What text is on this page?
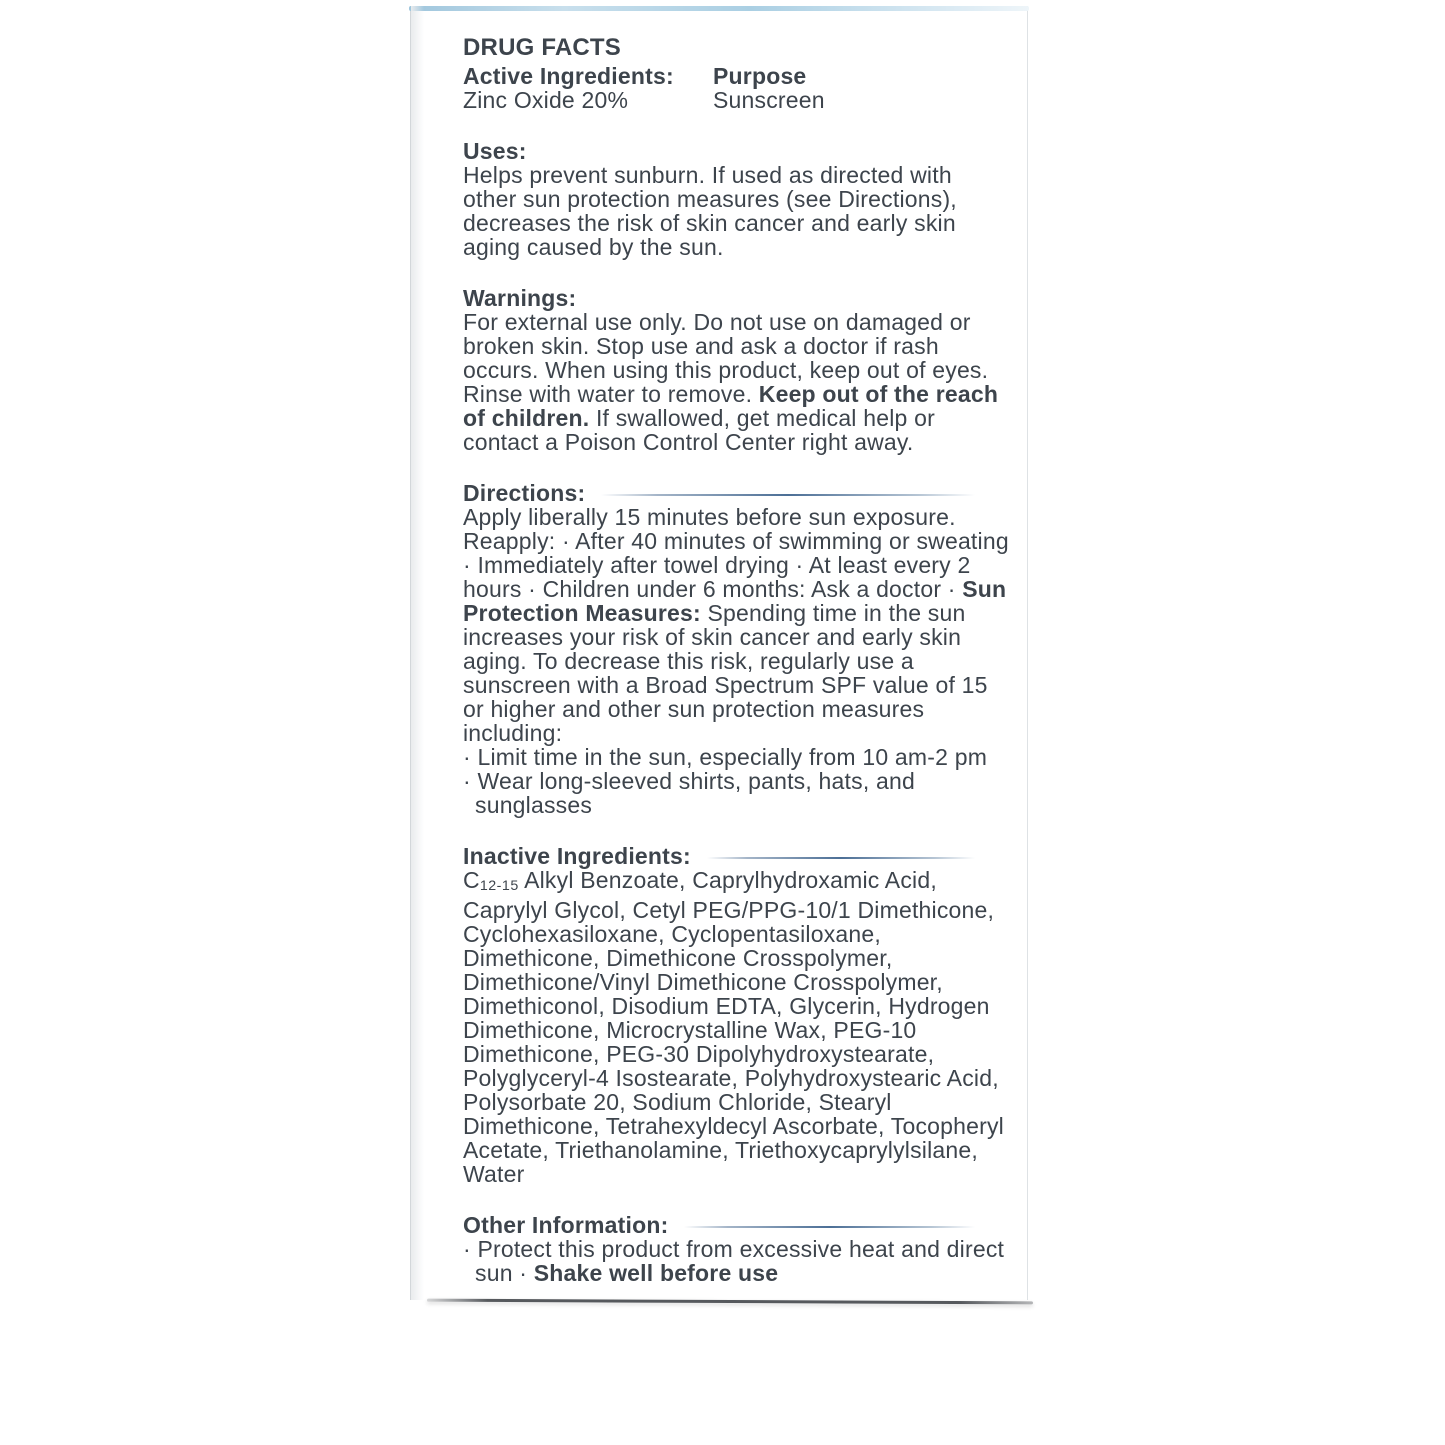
DRUG FACTS
Active Ingredients:
Zinc Oxide 20%
Purpose
Sunscreen
Uses:

Helps prevent sunburn. If used as directed with other sun protection measures (see Directions), decreases the risk of skin cancer and early skin aging caused by the sun.

Warnings:

For external use only. Do not use on damaged or broken skin. Stop use and ask a doctor if rash occurs. When using this product, keep out of eyes. Rinse with water to remove. Keep out of the reach of children. If swallowed, get medical help or contact a Poison Control Center right away.

Directions:

Apply liberally 15 minutes before sun exposure. Reapply: · After 40 minutes of swimming or sweating · Immediately after towel drying · At least every 2 hours · Children under 6 months: Ask a doctor · Sun Protection Measures: Spending time in the sun increases your risk of skin cancer and early skin aging. To decrease this risk, regularly use a sunscreen with a Broad Spectrum SPF value of 15 or higher and other sun protection measures including:

· Limit time in the sun, especially from 10 am-2 pm

· Wear long-sleeved shirts, pants, hats, and sunglasses

Inactive Ingredients:

C12-15 Alkyl Benzoate, Caprylhydroxamic Acid, Caprylyl Glycol, Cetyl PEG/PPG-10/1 Dimethicone, Cyclohexasiloxane, Cyclopentasiloxane, Dimethicone, Dimethicone Crosspolymer, Dimethicone/Vinyl Dimethicone Crosspolymer, Dimethiconol, Disodium EDTA, Glycerin, Hydrogen Dimethicone, Microcrystalline Wax, PEG-10 Dimethicone, PEG-30 Dipolyhydroxystearate, Polyglyceryl-4 Isostearate, Polyhydroxystearic Acid, Polysorbate 20, Sodium Chloride, Stearyl Dimethicone, Tetrahexyldecyl Ascorbate, Tocopheryl Acetate, Triethanolamine, Triethoxycaprylylsilane, Water

Other Information:

· Protect this product from excessive heat and direct sun · Shake well before use
